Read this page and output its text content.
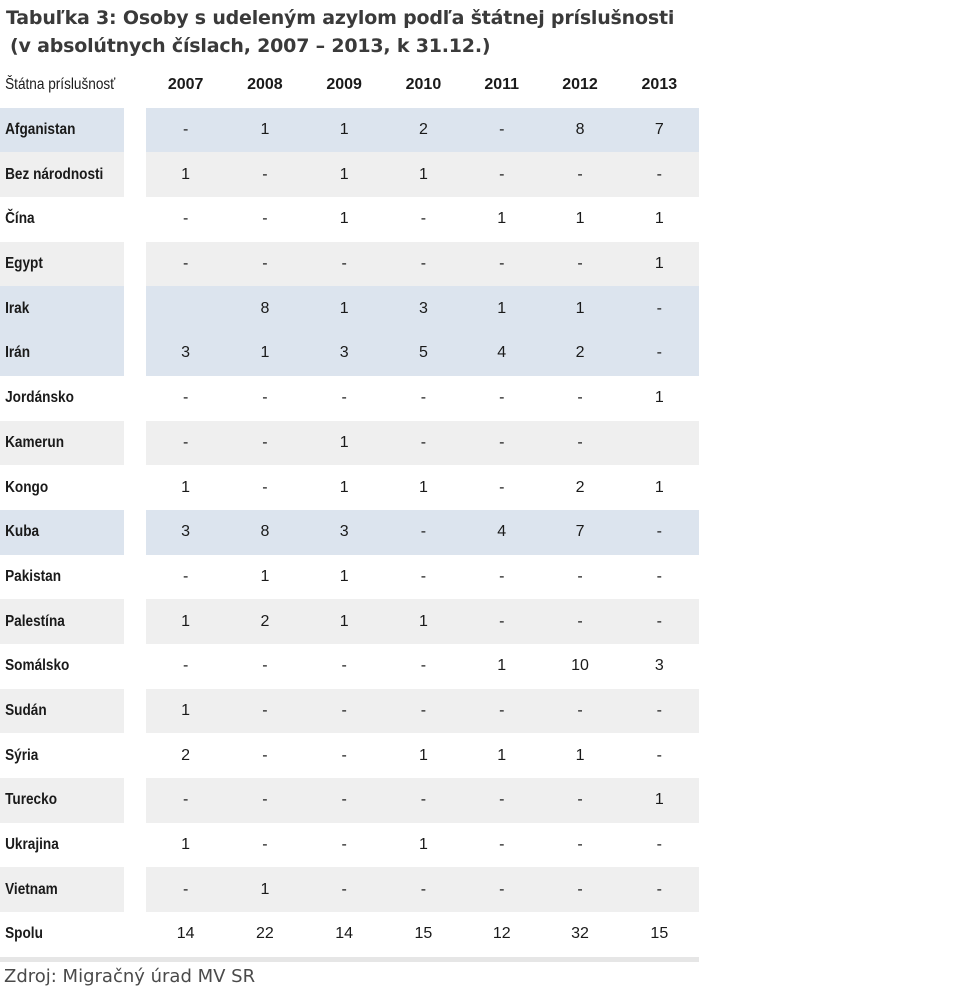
Tabuľka 3: Osoby s udeleným azylom podľa štátnej príslušnosti
(v absolútnych číslach, 2007 – 2013, k 31.12.)
Štátna príslušnosť	2007	2008	2009	2010	2011	2012	2013
Afganistan	-	1	1	2	-	8	7
Bez národnosti	1	-	1	1	-	-	-
Čína	-	-	1	-	1	1	1
Egypt	-	-	-	-	-	-	1
Irak		8	1	3	1	1	-
Irán	3	1	3	5	4	2	-
Jordánsko	-	-	-	-	-	-	1
Kamerun	-	-	1	-	-	-	
Kongo	1	-	1	1	-	2	1
Kuba	3	8	3	-	4	7	-
Pakistan	-	1	1	-	-	-	-
Palestína	1	2	1	1	-	-	-
Somálsko	-	-	-	-	1	10	3
Sudán	1	-	-	-	-	-	-
Sýria	2	-	-	1	1	1	-
Turecko	-	-	-	-	-	-	1
Ukrajina	1	-	-	1	-	-	-
Vietnam	-	1	-	-	-	-	-
Spolu	14	22	14	15	12	32	15

Zdroj: Migračný úrad MV SR
